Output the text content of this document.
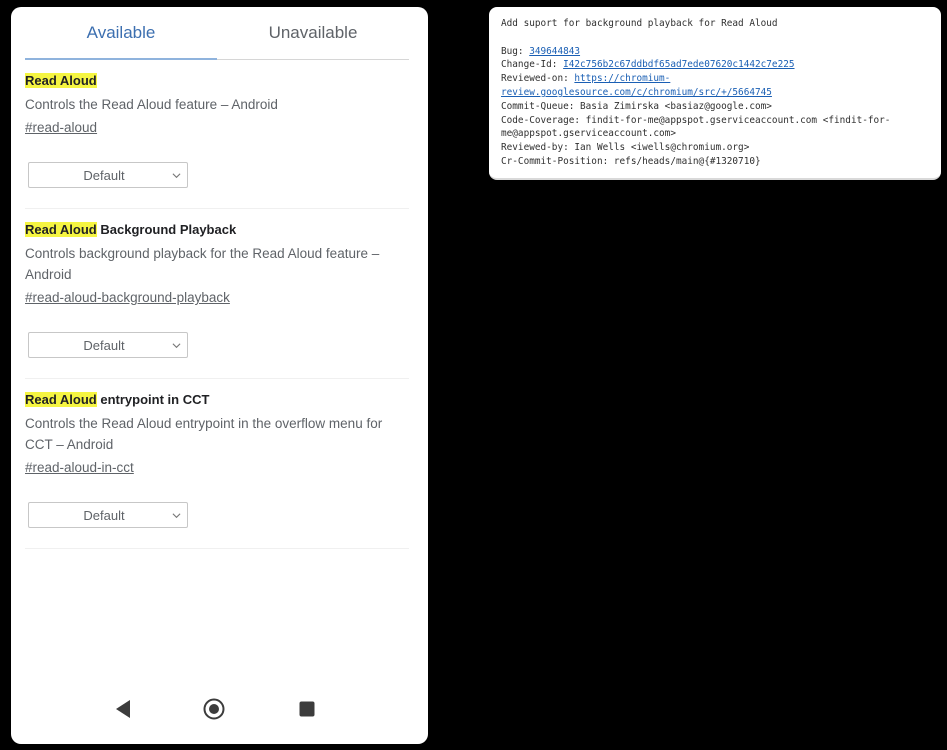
Available	Unavailable
Read Aloud
Controls the Read Aloud feature – Android
#read-aloud
Default
Read Aloud Background Playback
Controls background playback for the Read Aloud feature – Android
#read-aloud-background-playback
Default
Read Aloud entrypoint in CCT
Controls the Read Aloud entrypoint in the overflow menu for CCT – Android
#read-aloud-in-cct
Default
Add suport for background playback for Read Aloud

Bug: 349644843
Change-Id: I42c756b2c67ddbdf65ad7ede07620c1442c7e225
Reviewed-on: https://chromium-
review.googlesource.com/c/chromium/src/+/5664745
Commit-Queue: Basia Zimirska <basiaz@google.com>
Code-Coverage: findit-for-me@appspot.gserviceaccount.com <findit-for-
me@appspot.gserviceaccount.com>
Reviewed-by: Ian Wells <iwells@chromium.org>
Cr-Commit-Position: refs/heads/main@{#1320710}
